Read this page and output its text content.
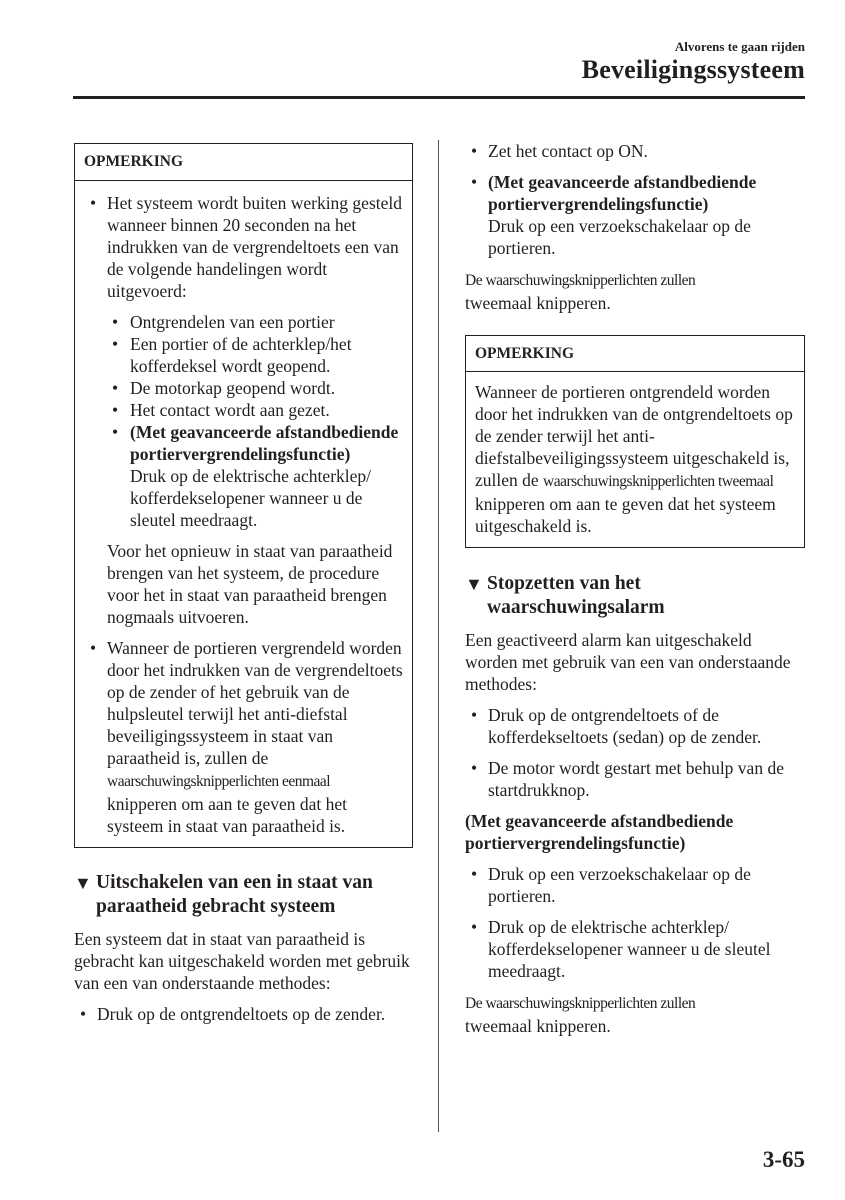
Alvorens te gaan rijden
Beveiligingssysteem
OPMERKING
• Het systeem wordt buiten werking gesteld wanneer binnen 20 seconden na het indrukken van de vergrendeltoets een van de volgende handelingen wordt uitgevoerd:
• Ontgrendelen van een portier
• Een portier of de achterklep/het kofferdeksel wordt geopend.
• De motorkap geopend wordt.
• Het contact wordt aan gezet.
• (Met geavanceerde afstandbediende portiervergrendelingsfunctie)
Druk op de elektrische achterklep/ kofferdekselopener wanneer u de sleutel meedraagt.

Voor het opnieuw in staat van paraatheid brengen van het systeem, de procedure voor het in staat van paraatheid brengen nogmaals uitvoeren.

• Wanneer de portieren vergrendeld worden door het indrukken van de vergrendeltoets op de zender of het gebruik van de hulpsleutel terwijl het anti-diefstal beveiligingssysteem in staat van paraatheid is, zullen de waarschuwingsknipperlichten eenmaal knipperen om aan te geven dat het systeem in staat van paraatheid is.
▼ Uitschakelen van een in staat van paraatheid gebracht systeem

Een systeem dat in staat van paraatheid is gebracht kan uitgeschakeld worden met gebruik van een van onderstaande methodes:

• Druk op de ontgrendeltoets op de zender.
• Zet het contact op ON.
• (Met geavanceerde afstandbediende portiervergrendelingsfunctie)
Druk op een verzoekschakelaar op de portieren.

De waarschuwingsknipperlichten zullen
tweemaal knipperen.

OPMERKING
Wanneer de portieren ontgrendeld worden door het indrukken van de ontgrendeltoets op de zender terwijl het anti-diefstalbeveiligingssysteem uitgeschakeld is, zullen de waarschuwingsknipperlichten tweemaal knipperen om aan te geven dat het systeem uitgeschakeld is.
▼ Stopzetten van het waarschuwingsalarm

Een geactiveerd alarm kan uitgeschakeld worden met gebruik van een van onderstaande methodes:

• Druk op de ontgrendeltoets of de kofferdekseltoets (sedan) op de zender.
• De motor wordt gestart met behulp van de startdrukknop.

(Met geavanceerde afstandbediende portiervergrendelingsfunctie)

• Druk op een verzoekschakelaar op de portieren.
• Druk op de elektrische achterklep/ kofferdekselopener wanneer u de sleutel meedraagt.

De waarschuwingsknipperlichten zullen
tweemaal knipperen.

3-65
